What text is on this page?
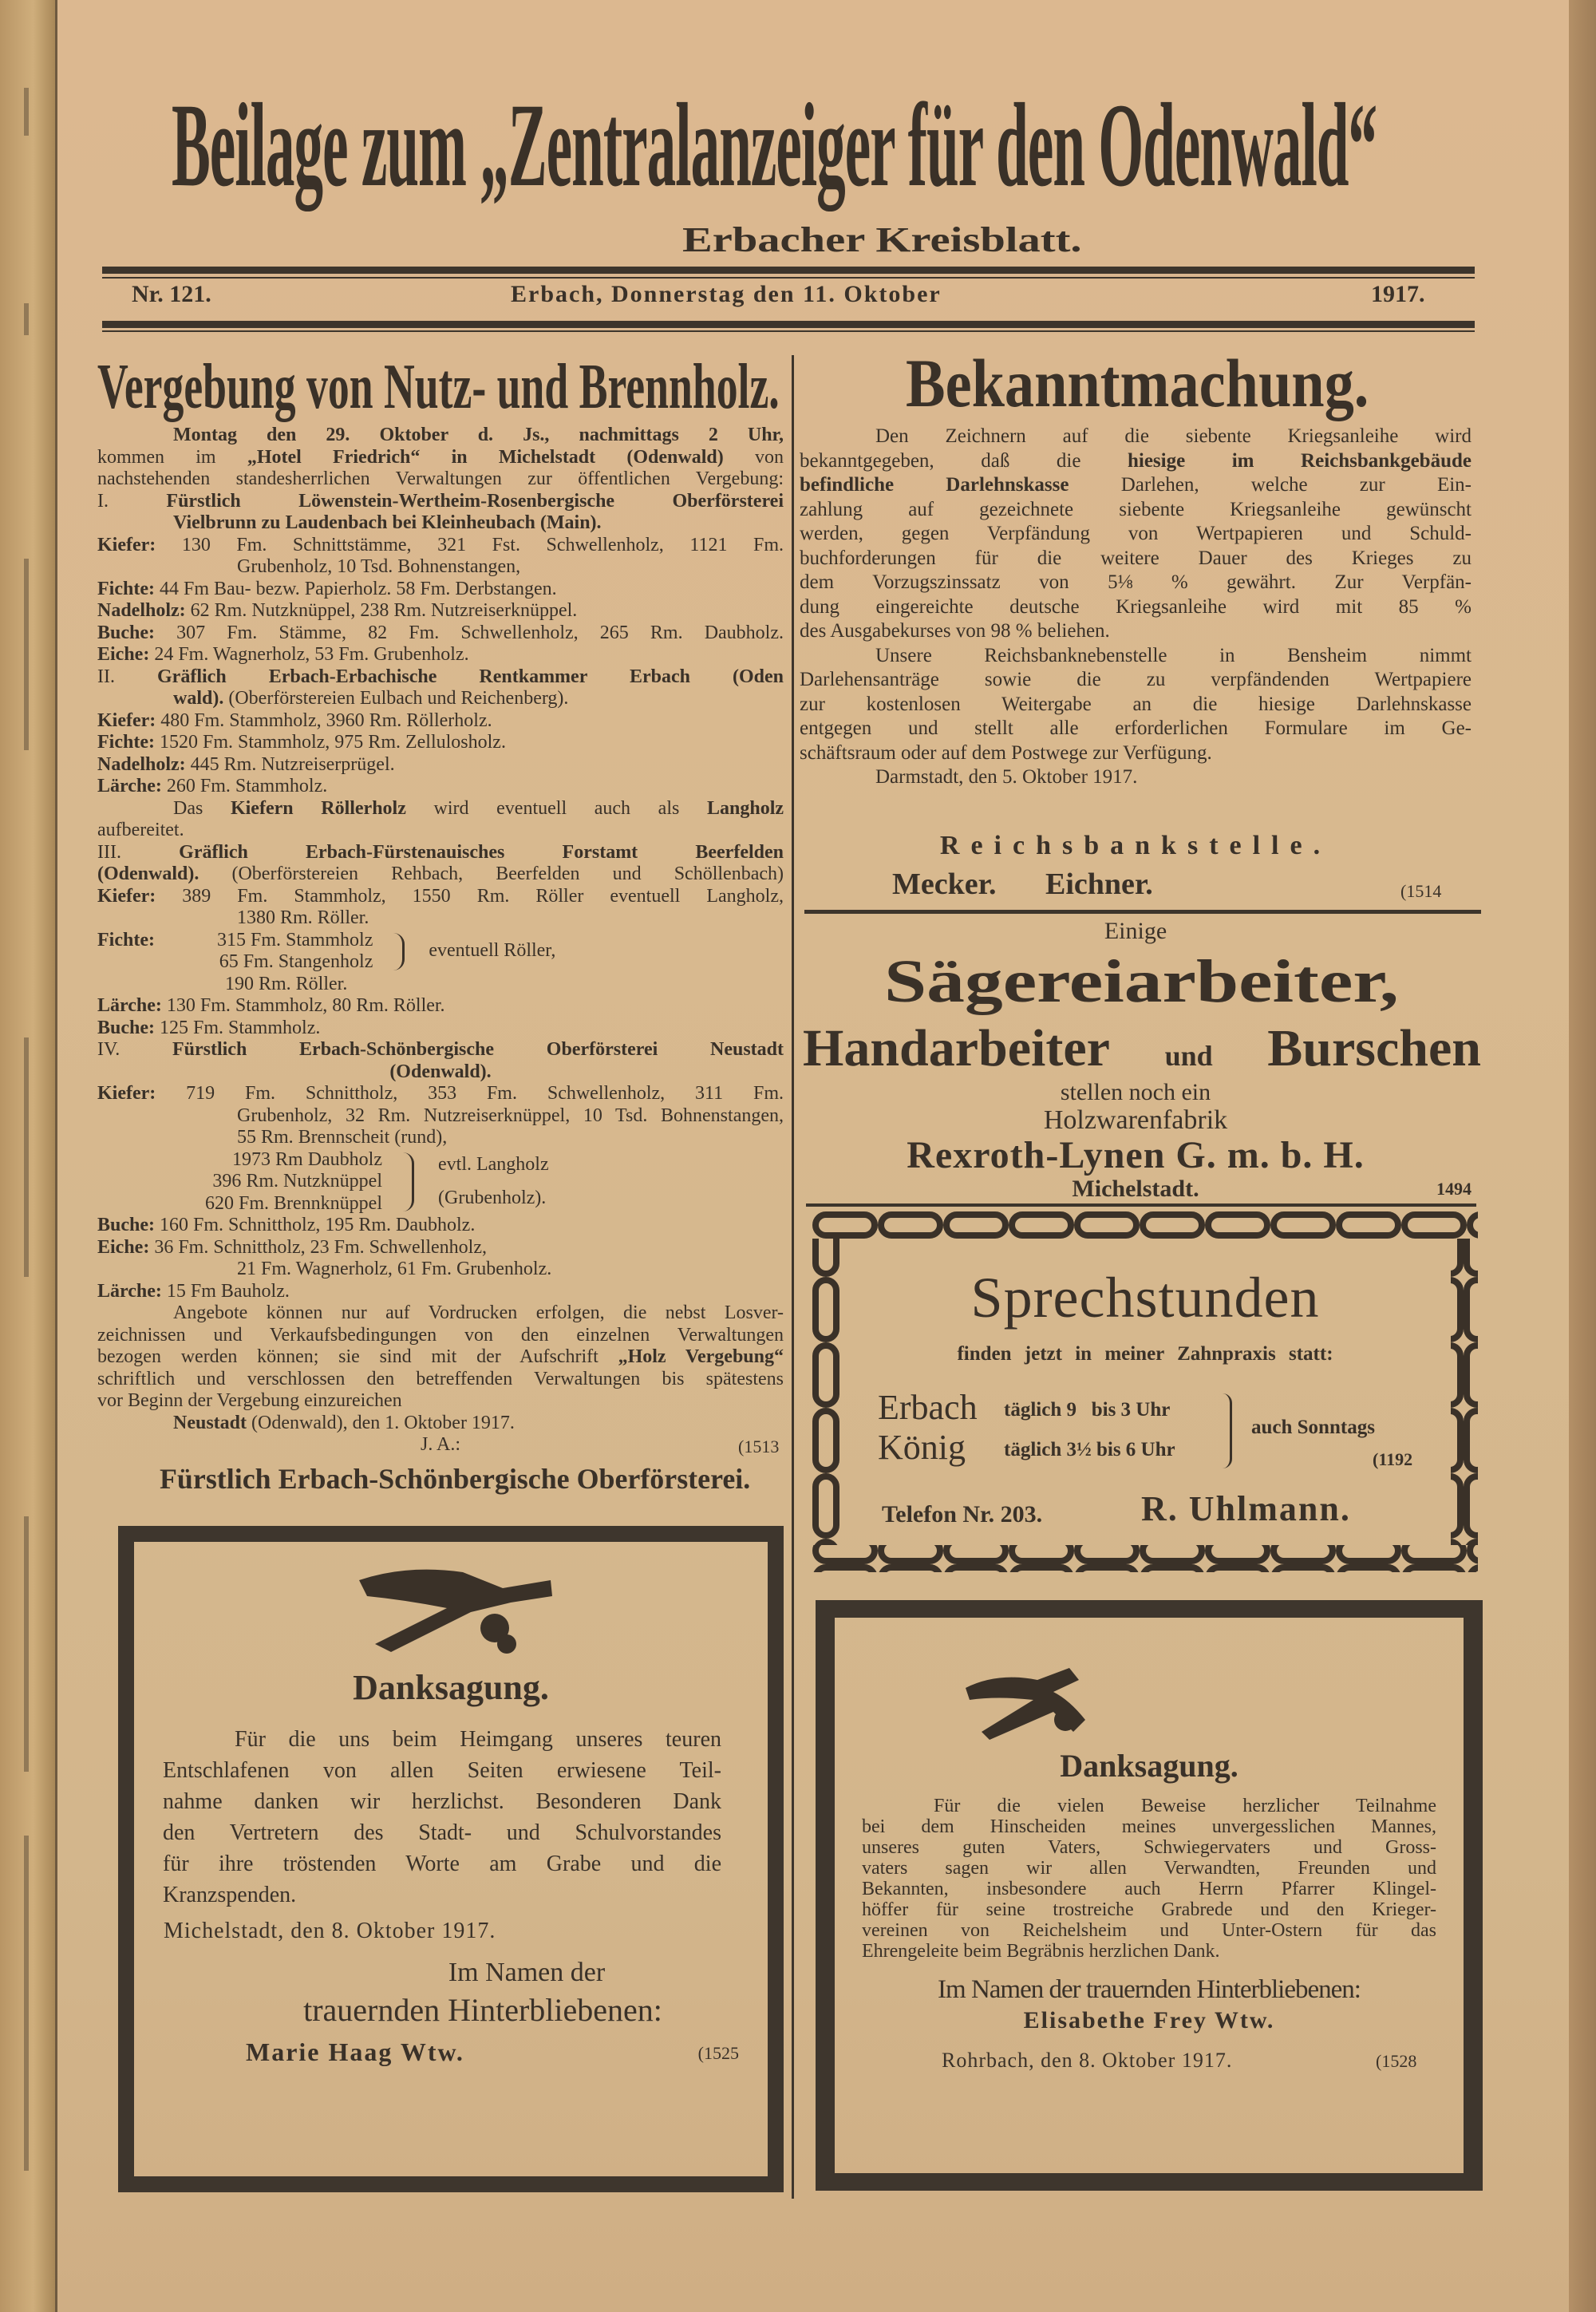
Beilage zum „Zentralanzeiger für den Odenwald“
Erbacher Kreisblatt.
Nr. 121.	Erbach, Donnerstag den 11. Oktober	1917.
Vergebung von Nutz- und Brennholz.
Montag den 29. Oktober d. Js., nachmittags 2 Uhr,
kommen im „Hotel Friedrich“ in Michelstadt (Odenwald) von
nachstehenden standesherrlichen Verwaltungen zur öffentlichen Vergebung:
I. Fürstlich Löwenstein-Wertheim-Rosenbergische Oberförsterei
Vielbrunn zu Laudenbach bei Kleinheubach (Main).
Kiefer: 130 Fm. Schnittstämme, 321 Fst. Schwellenholz, 1121 Fm.
Grubenholz, 10 Tsd. Bohnenstangen,
Fichte: 44 Fm Bau- bezw. Papierholz. 58 Fm. Derbstangen.
Nadelholz: 62 Rm. Nutzknüppel, 238 Rm. Nutzreiserknüppel.
Buche: 307 Fm. Stämme, 82 Fm. Schwellenholz, 265 Rm. Daubholz.
Eiche: 24 Fm. Wagnerholz, 53 Fm. Grubenholz.
II. Gräflich Erbach-Erbachische Rentkammer Erbach (Oden
wald). (Oberförstereien Eulbach und Reichenberg).
Kiefer: 480 Fm. Stammholz, 3960 Rm. Röllerholz.
Fichte: 1520 Fm. Stammholz, 975 Rm. Zellulosholz.
Nadelholz: 445 Rm. Nutzreiserprügel.
Lärche: 260 Fm. Stammholz.
Das Kiefern Röllerholz wird eventuell auch als Langholz
aufbereitet.
III. Gräflich Erbach-Fürstenauisches Forstamt Beerfelden
(Odenwald). (Oberförstereien Rehbach, Beerfelden und Schöllenbach)
Kiefer: 389 Fm. Stammholz, 1550 Rm. Röller eventuell Langholz,
1380 Rm. Röller.
Fichte:	315 Fm. Stammholz
65 Fm. Stangenholz
eventuell Röller,
190 Rm. Röller.
Lärche: 130 Fm. Stammholz, 80 Rm. Röller.
Buche: 125 Fm. Stammholz.
IV. Fürstlich Erbach-Schönbergische Oberförsterei Neustadt
(Odenwald).
Kiefer: 719 Fm. Schnittholz, 353 Fm. Schwellenholz, 311 Fm.
Grubenholz, 32 Rm. Nutzreiserknüppel, 10 Tsd. Bohnenstangen,
55 Rm. Brennscheit (rund),
1973 Rm Daubholz
396 Rm. Nutzknüppel
620 Fm. Brennknüppel
evtl. Langholz
(Grubenholz).
Buche: 160 Fm. Schnittholz, 195 Rm. Daubholz.
Eiche: 36 Fm. Schnittholz, 23 Fm. Schwellenholz,
21 Fm. Wagnerholz, 61 Fm. Grubenholz.
Lärche: 15 Fm Bauholz.
Angebote können nur auf Vordrucken erfolgen, die nebst Losver-
zeichnissen und Verkaufsbedingungen von den einzelnen Verwaltungen
bezogen werden können; sie sind mit der Aufschrift „Holz Vergebung“
schriftlich und verschlossen den betreffenden Verwaltungen bis spätestens
vor Beginn der Vergebung einzureichen
Neustadt (Odenwald), den 1. Oktober 1917.
J. A.:	(1513
Fürstlich Erbach-Schönbergische Oberförsterei.
Danksagung.
Für die uns beim Heimgang unseres teuren
Entschlafenen von allen Seiten erwiesene Teil-
nahme danken wir herzlichst. Besonderen Dank
den Vertretern des Stadt- und Schulvorstandes
für ihre tröstenden Worte am Grabe und die
Kranzspenden.
Michelstadt, den 8. Oktober 1917.
Im Namen der
trauernden Hinterbliebenen:
Marie Haag Wtw.	(1525
Bekanntmachung.
Den Zeichnern auf die siebente Kriegsanleihe wird
bekanntgegeben, daß die hiesige im Reichsbankgebäude
befindliche Darlehnskasse Darlehen, welche zur Ein-
zahlung auf gezeichnete siebente Kriegsanleihe gewünscht
werden, gegen Verpfändung von Wertpapieren und Schuld-
buchforderungen für die weitere Dauer des Krieges zu
dem Vorzugszinssatz von 5⅛ % gewährt. Zur Verpfän-
dung eingereichte deutsche Kriegsanleihe wird mit 85 %
des Ausgabekurses von 98 % beliehen.
Unsere Reichsbanknebenstelle in Bensheim nimmt
Darlehensanträge sowie die zu verpfändenden Wertpapiere
zur kostenlosen Weitergabe an die hiesige Darlehnskasse
entgegen und stellt alle erforderlichen Formulare im Ge-
schäftsraum oder auf dem Postwege zur Verfügung.
Darmstadt, den 5. Oktober 1917.
Reichsbankstelle.
Mecker. Eichner.	(1514
Einige
Sägereiarbeiter,
Handarbeiter und Burschen
stellen noch ein
Holzwarenfabrik
Rexroth-Lynen G. m. b. H.
Michelstadt.	1494
Sprechstunden
finden jetzt in meiner Zahnpraxis statt:
Erbach täglich 9   bis 3 Uhr
König täglich 3½ bis 6 Uhr
auch Sonntags
(1192
Telefon Nr. 203.	R. Uhlmann.
Danksagung.
Für die vielen Beweise herzlicher Teilnahme
bei dem Hinscheiden meines unvergesslichen Mannes,
unseres guten Vaters, Schwiegervaters und Gross-
vaters sagen wir allen Verwandten, Freunden und
Bekannten, insbesondere auch Herrn Pfarrer Klingel-
höffer für seine trostreiche Grabrede und den Krieger-
vereinen von Reichelsheim und Unter-Ostern für das
Ehrengeleite beim Begräbnis herzlichen Dank.
Im Namen der trauernden Hinterbliebenen:
Elisabethe Frey Wtw.
Rohrbach, den 8. Oktober 1917.	(1528
